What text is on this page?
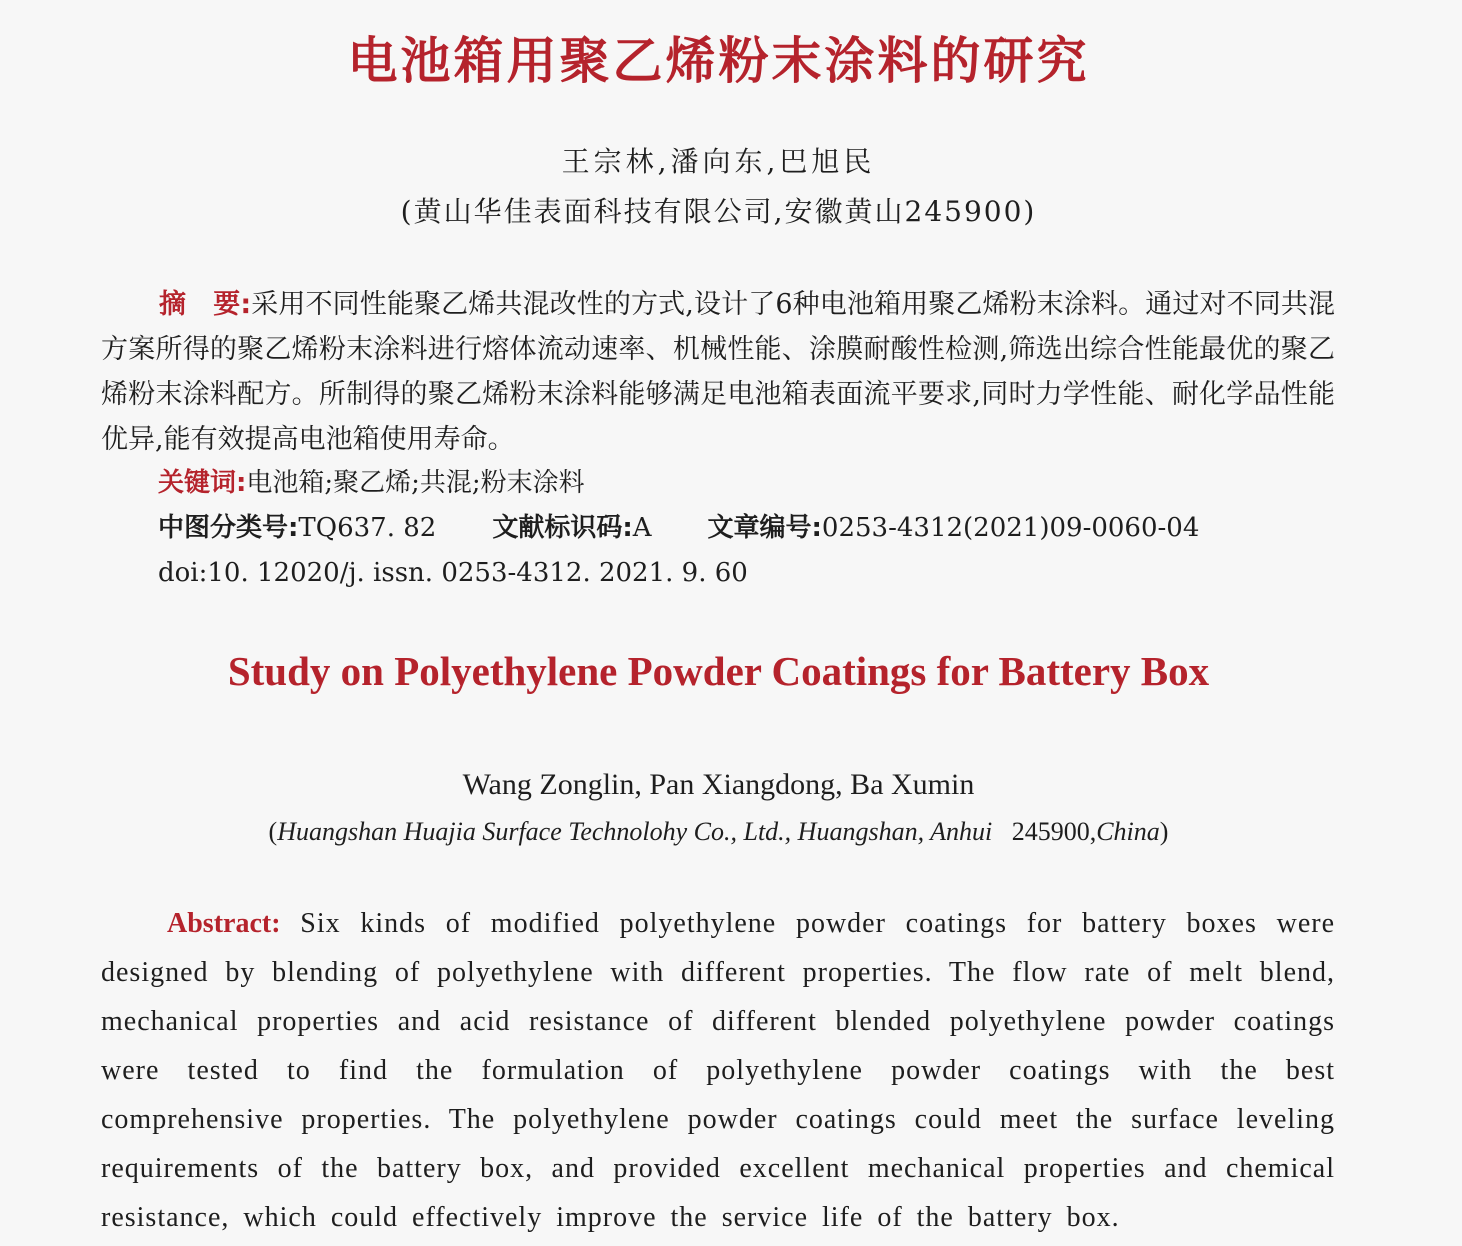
电池箱用聚乙烯粉末涂料的研究
王宗林,潘向东,巴旭民
(黄山华佳表面科技有限公司,安徽黄山245900)

摘　要:采用不同性能聚乙烯共混改性的方式,设计了6种电池箱用聚乙烯粉末涂料。通过对不同共混方案所得的聚乙烯粉末涂料进行熔体流动速率、机械性能、涂膜耐酸性检测,筛选出综合性能最优的聚乙烯粉末涂料配方。所制得的聚乙烯粉末涂料能够满足电池箱表面流平要求,同时力学性能、耐化学品性能优异,能有效提高电池箱使用寿命。

关键词:电池箱;聚乙烯;共混;粉末涂料
中图分类号:TQ637. 82 文献标识码:A 文章编号:0253-4312(2021)09-0060-04
doi:10. 12020/j. issn. 0253-4312. 2021. 9. 60
Study on Polyethylene Powder Coatings for Battery Box
Wang Zonglin, Pan Xiangdong, Ba Xumin
(Huangshan Huajia Surface Technolohy Co., Ltd., Huangshan, Anhui 245900,China)

Abstract: Six kinds of modified polyethylene powder coatings for battery boxes were designed by blending of polyethylene with different properties. The flow rate of melt blend, mechanical properties and acid resistance of different blended polyethylene powder coatings were tested to find the formulation of polyethylene powder coatings with the best comprehensive properties. The polyethylene powder coatings could meet the surface leveling requirements of the battery box, and provided excellent mechanical properties and chemical resistance, which could effectively improve the service life of the battery box.
